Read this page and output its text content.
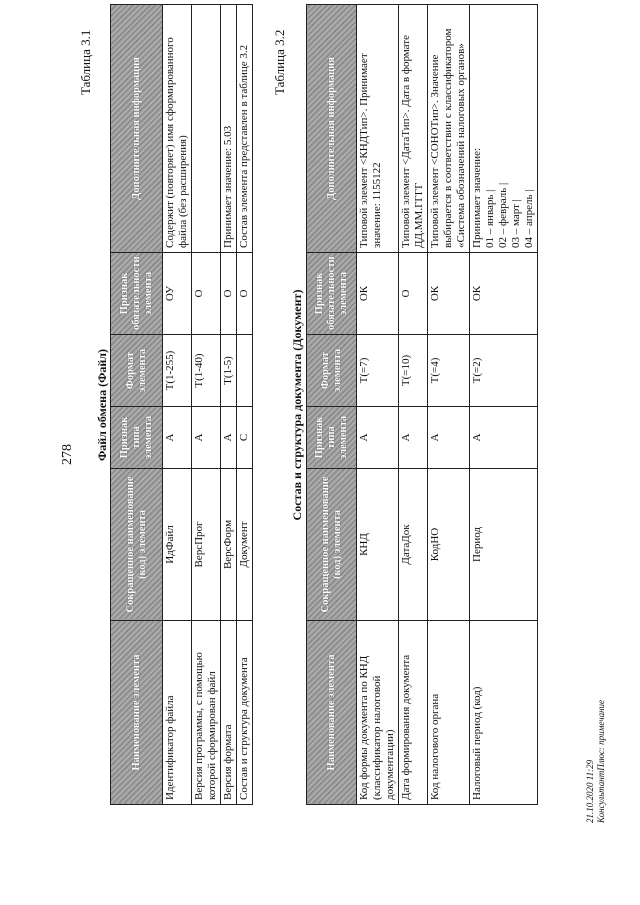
278
Таблица 3.1
Файл обмена (Файл)
Наименование элемента	Сокращенное наименование (код) элемента	Признак типа элемента	Формат элемента	Признак обязательности элемента	Дополнительная информация
Идентификатор файла	ИдФайл	А	Т(1-255)	ОУ	Содержит (повторяет) имя сформированного файла (без расширения)
Версия программы, с помощью которой сформирован файл	ВерсПрог	А	Т(1-40)	О	
Версия формата	ВерсФорм	А	Т(1-5)	О	Принимает значение: 5.03
Состав и структура документа	Документ	С		О	Состав элемента представлен в таблице 3.2 Таблица 3.2
Состав и структура документа (Документ)
Наименование элемента	Сокращенное наименование (код) элемента	Признак типа элемента	Формат элемента	Признак обязательности элемента	Дополнительная информация
Код формы документа по КНД (классификатор налоговой документации)	КНД	А	Т(=7)	ОК	Типовой элемент <КНДТип>. Принимает значение: 1155122
Дата формирования документа	ДатаДок	А	Т(=10)	О	Типовой элемент <ДатаТип>. Дата в формате ДД.ММ.ГГГГ
Код налогового органа	КодНО	А	Т(=4)	ОК	Типовой элемент <СОНОТип>. Значение выбирается в соответствии с классификатором «Система обозначений налоговых органов»
Налоговый период (код)	Период	А	Т(=2)	ОК	Принимает значение:
01 – январь |
02 – февраль |
03 – март |
04 – апрель |
21.10.2020 11:29 КонсультантПлюс: примечание
